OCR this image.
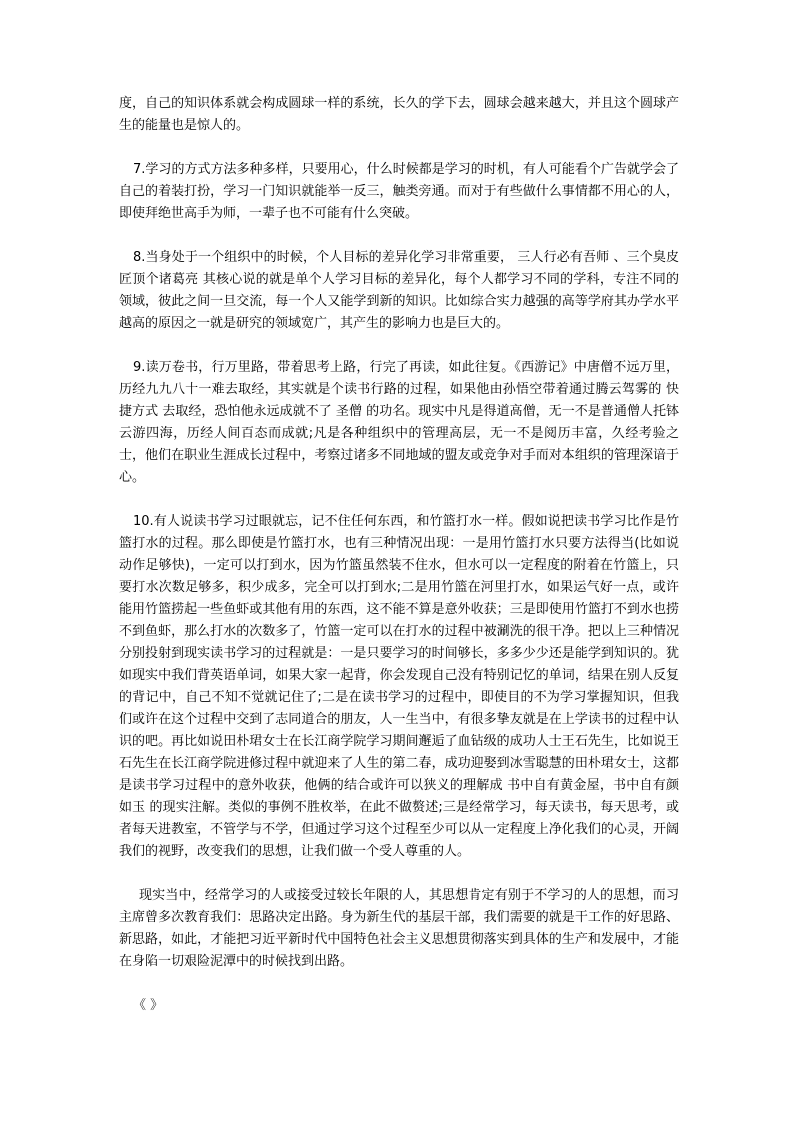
度，自己的知识体系就会构成圆球一样的系统，长久的学下去，圆球会越来越大，并且这个圆球产生的能量也是惊人的。

7.学习的方式方法多种多样，只要用心，什么时候都是学习的时机，有人可能看个广告就学会了自己的着装打扮，学习一门知识就能举一反三，触类旁通。而对于有些做什么事情都不用心的人，即使拜绝世高手为师，一辈子也不可能有什么突破。

8.当身处于一个组织中的时候，个人目标的差异化学习非常重要， 三人行必有吾师 、三个臭皮匠顶个诸葛亮 其核心说的就是单个人学习目标的差异化，每个人都学习不同的学科，专注不同的领域，彼此之间一旦交流，每一个人又能学到新的知识。比如综合实力越强的高等学府其办学水平越高的原因之一就是研究的领域宽广，其产生的影响力也是巨大的。

9.读万卷书，行万里路，带着思考上路，行完了再读，如此往复。《西游记》中唐僧不远万里，历经九九八十一难去取经，其实就是个读书行路的过程，如果他由孙悟空带着通过腾云驾雾的 快捷方式 去取经，恐怕他永远成就不了 圣僧 的功名。现实中凡是得道高僧，无一不是普通僧人托钵云游四海，历经人间百态而成就;凡是各种组织中的管理高层，无一不是阅历丰富，久经考验之士，他们在职业生涯成长过程中，考察过诸多不同地域的盟友或竞争对手而对本组织的管理深谙于心。

10.有人说读书学习过眼就忘，记不住任何东西，和竹篮打水一样。假如说把读书学习比作是竹篮打水的过程。那么即使是竹篮打水，也有三种情况出现：一是用竹篮打水只要方法得当(比如说动作足够快)，一定可以打到水，因为竹篮虽然装不住水，但水可以一定程度的附着在竹篮上，只要打水次数足够多，积少成多，完全可以打到水;二是用竹篮在河里打水，如果运气好一点，或许能用竹篮捞起一些鱼虾或其他有用的东西，这不能不算是意外收获；三是即使用竹篮打不到水也捞不到鱼虾，那么打水的次数多了，竹篮一定可以在打水的过程中被涮洗的很干净。把以上三种情况分别投射到现实读书学习的过程就是：一是只要学习的时间够长，多多少少还是能学到知识的。犹如现实中我们背英语单词，如果大家一起背，你会发现自己没有特别记忆的单词，结果在别人反复的背记中，自己不知不觉就记住了;二是在读书学习的过程中，即使目的不为学习掌握知识，但我们或许在这个过程中交到了志同道合的朋友，人一生当中，有很多挚友就是在上学读书的过程中认识的吧。再比如说田朴珺女士在长江商学院学习期间邂逅了血钻级的成功人士王石先生，比如说王石先生在长江商学院进修过程中就迎来了人生的第二春，成功迎娶到冰雪聪慧的田朴珺女士，这都是读书学习过程中的意外收获，他俩的结合或许可以狭义的理解成 书中自有黄金屋，书中自有颜如玉 的现实注解。类似的事例不胜枚举，在此不做赘述;三是经常学习，每天读书，每天思考，或者每天进教室，不管学与不学，但通过学习这个过程至少可以从一定程度上净化我们的心灵，开阔我们的视野，改变我们的思想，让我们做一个受人尊重的人。

现实当中，经常学习的人或接受过较长年限的人，其思想肯定有别于不学习的人的思想，而习主席曾多次教育我们：思路决定出路。身为新生代的基层干部，我们需要的就是干工作的好思路、新思路，如此，才能把习近平新时代中国特色社会主义思想贯彻落实到具体的生产和发展中，才能在身陷一切艰险泥潭中的时候找到出路。

《 》
